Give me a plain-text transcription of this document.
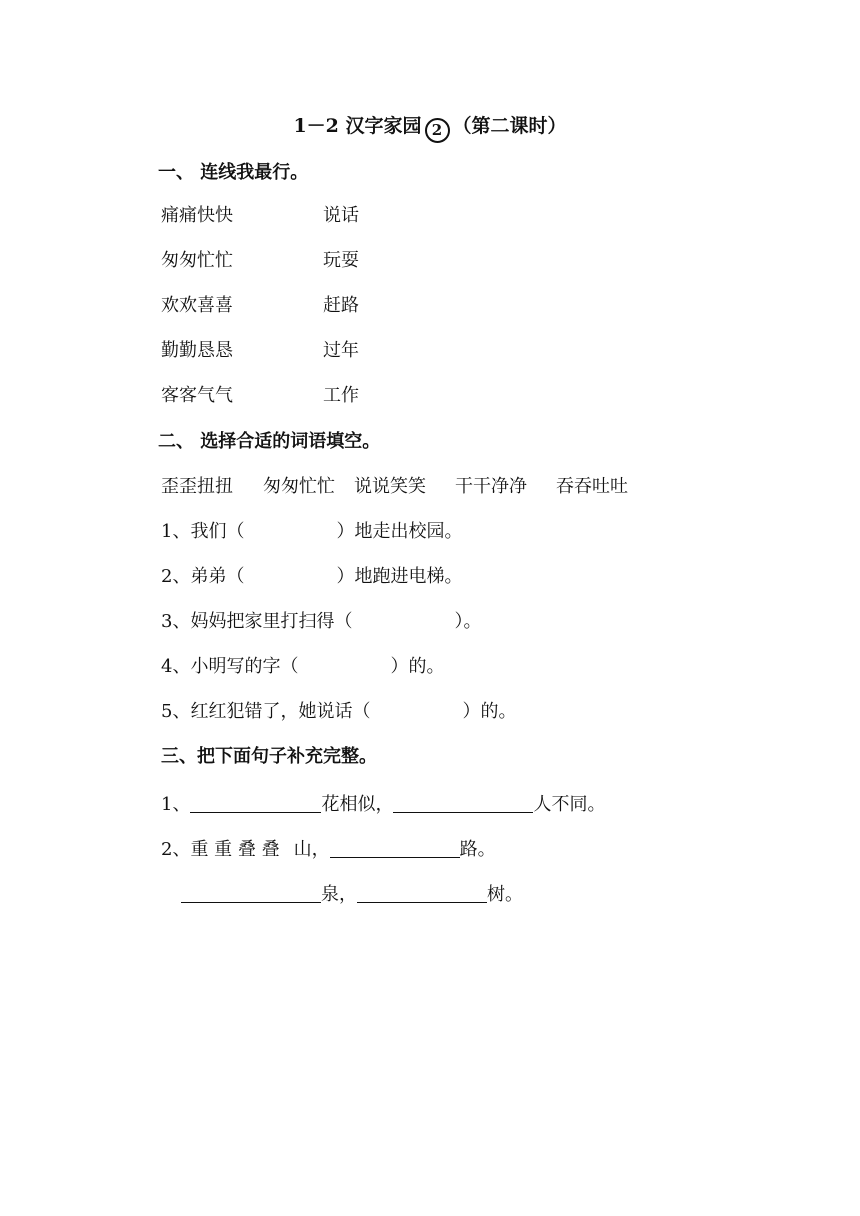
1－2 汉字家园 2 （第二课时）
一、 连线我最行。
痛痛快快	说话
匆匆忙忙	玩耍
欢欢喜喜	赶路
勤勤恳恳	过年
客客气气	工作
二、 选择合适的词语填空。
歪歪扭扭 匆匆忙忙 说说笑笑 干干净净 吞吞吐吐
1、我们（	）地走出校园。
2、弟弟（	）地跑进电梯。
3、妈妈把家里打扫得（	）。
4、小明写的字（	）的。
5、红红犯错了，她说话（	）的。
三、把下面句子补充完整。
1、	花相似，	人不同。
2、重 重 叠 叠 山，	路。
泉，	树。
